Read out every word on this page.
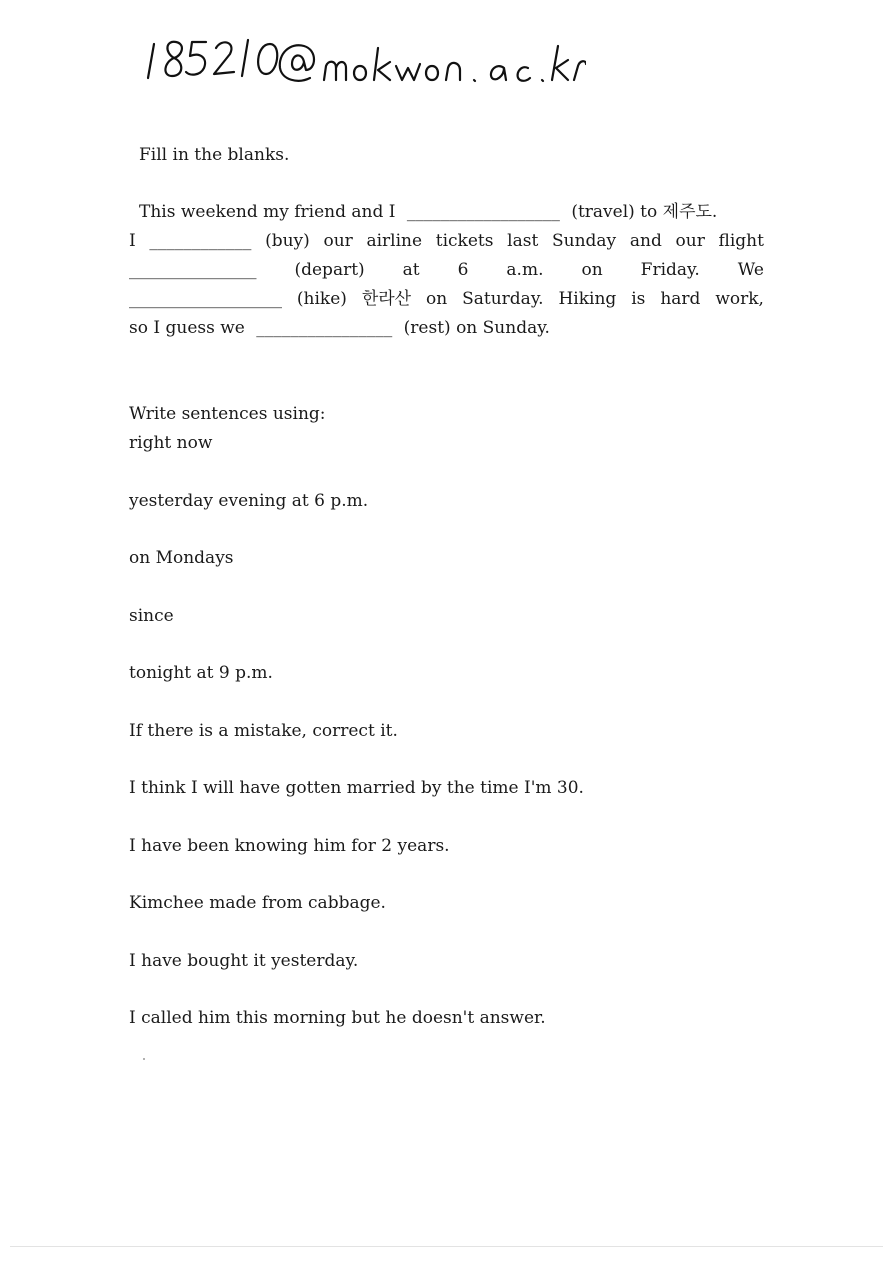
Fill in the blanks.
This weekend my friend and I __________________ (travel) to 제주도.
I ____________ (buy) our airline tickets last Sunday and our flight
_______________ (depart) at 6 a.m. on Friday. We
__________________ (hike) 한라산 on Saturday. Hiking is hard work,
so I guess we ________________ (rest) on Sunday.
Write sentences using:
right now
yesterday evening at 6 p.m.
on Mondays
since
tonight at 9 p.m.
If there is a mistake, correct it.
I think I will have gotten married by the time I'm 30.
I have been knowing him for 2 years.
Kimchee made from cabbage.
I have bought it yesterday.
I called him this morning but he doesn't answer.
